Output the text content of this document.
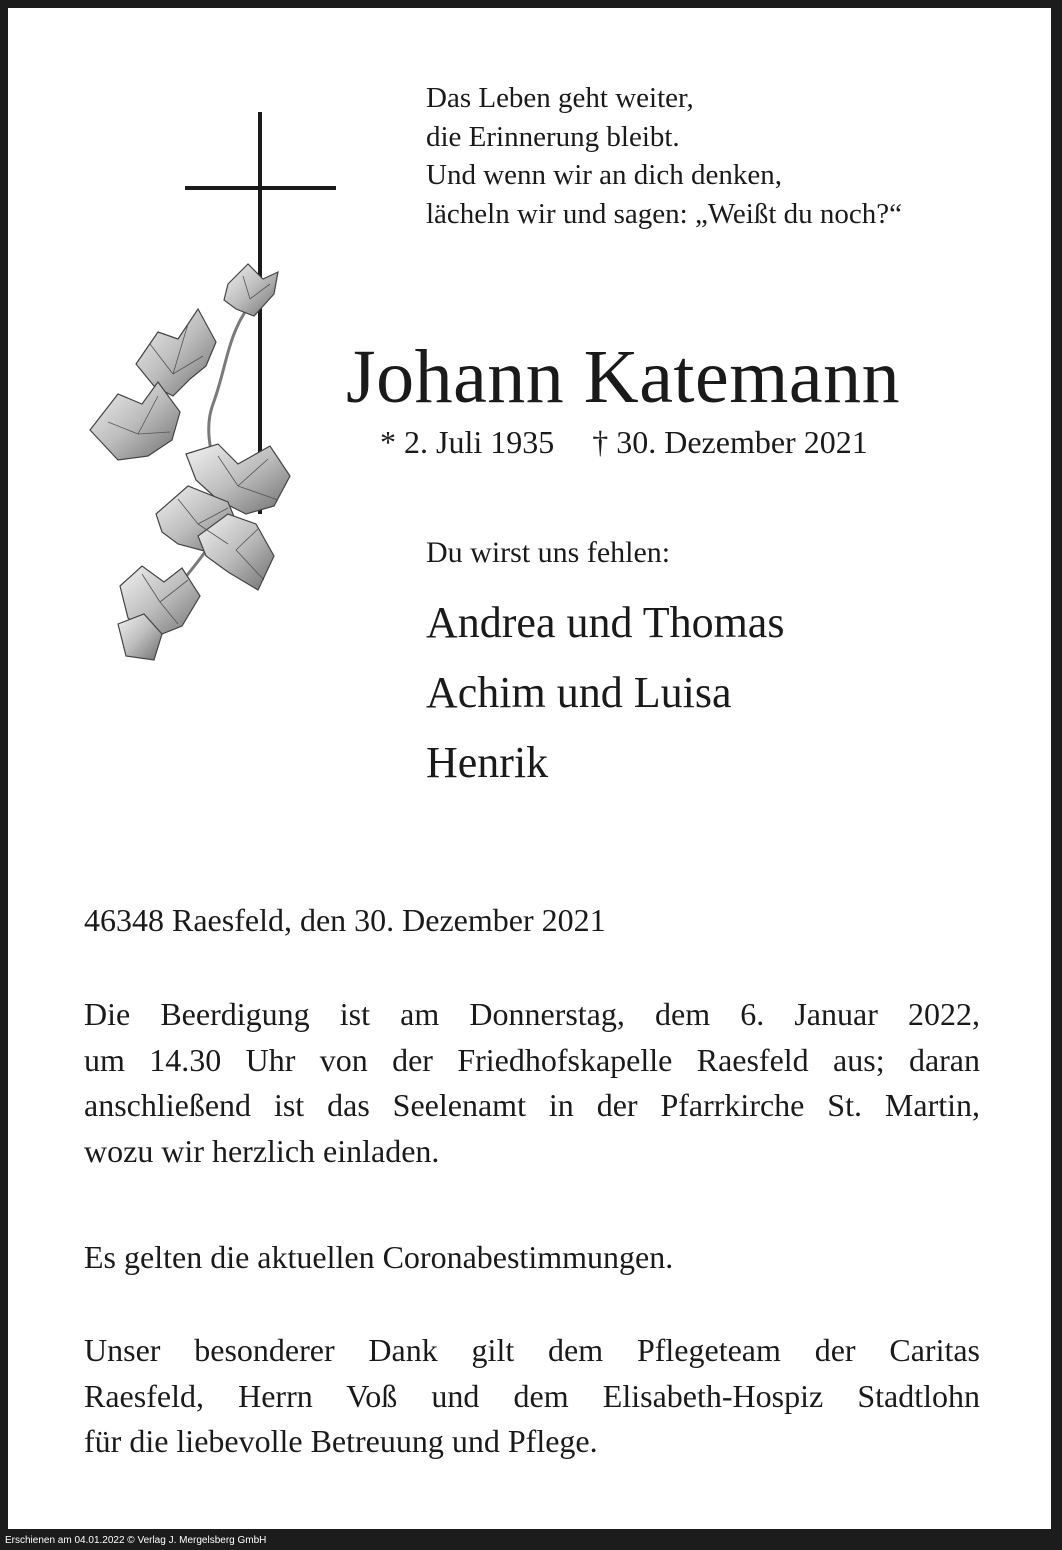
Das Leben geht weiter,
die Erinnerung bleibt.
Und wenn wir an dich denken,
lächeln wir und sagen: „Weißt du noch?“
Johann Katemann
* 2. Juli 1935 † 30. Dezember 2021
Du wirst uns fehlen:
Andrea und Thomas
Achim und Luisa
Henrik
46348 Raesfeld, den 30. Dezember 2021
Die Beerdigung ist am Donnerstag, dem 6. Januar 2022,
um 14.30 Uhr von der Friedhofskapelle Raesfeld aus; daran
anschließend ist das Seelenamt in der Pfarrkirche St. Martin,
wozu wir herzlich einladen.
Es gelten die aktuellen Coronabestimmungen.
Unser besonderer Dank gilt dem Pflegeteam der Caritas
Raesfeld, Herrn Voß und dem Elisabeth-Hospiz Stadtlohn
für die liebevolle Betreuung und Pflege.
Erschienen am 04.01.2022 © Verlag J. Mergelsberg GmbH
